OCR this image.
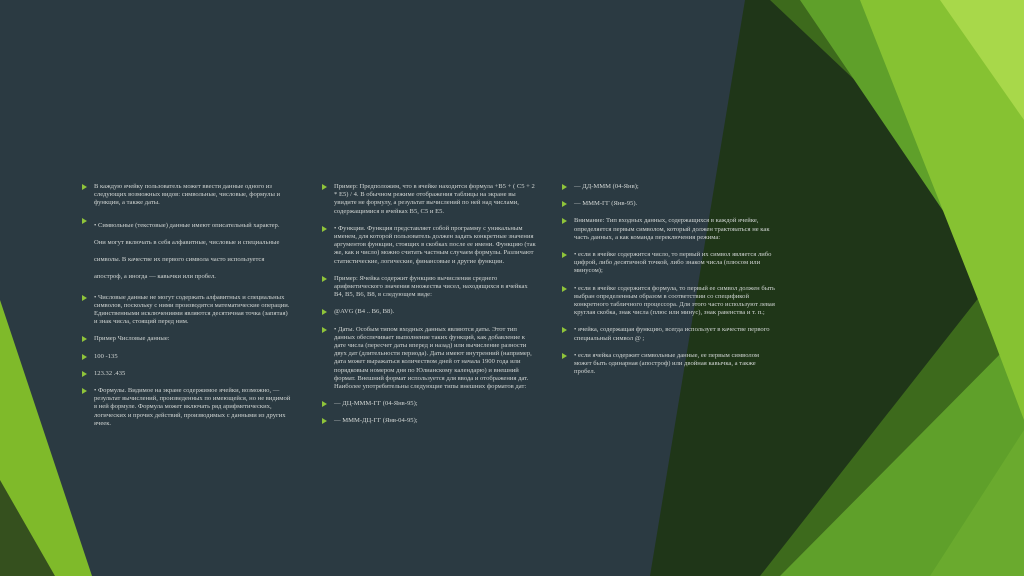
В каждую ячейку пользователь может ввести данные одного из следующих возможных видов: символьные, числовые, формулы и функции, а также даты.
• Символьные (текстовые) данные имеют описательный характер. Они могут включать в себя алфавитные, числовые и специальные символы. В качестве их первого символа часто используется апостроф, а иногда — кавычки или пробел.
• Числовые данные не могут содержать алфавитных и специальных символов, поскольку с ними производятся математические операции. Единственными исключениями являются десятичная точка (запятая) и знак числа, стоящий перед ним.
Пример Числовые данные:
100 -135
123.32 .435
• Формулы. Видимое на экране содержимое ячейки, возможно, — результат вычислений, произведенных по имеющейся, но не видимой в ней формуле. Формула может включать ряд арифметических, логических и прочих действий, производимых с данными из других ячеек.
Пример: Предположим, что в ячейке находится формула +B5 + ( C5 + 2 * E5) / 4. В обычном режиме отображения таблицы на экране вы увидите не формулу, а результат вычислений по ней над числами, содержащимися в ячейках B5, C5 и E5.
• Функции. Функция представляет собой программу с уникальным именем, для которой пользователь должен задать конкретные значения аргументов функции, стоящих в скобках после ее имени. Функцию (так же, как и число) можно считать частным случаем формулы. Различают статистические, логические, финансовые и другие функции.
Пример: Ячейка содержит функцию вычисления среднего арифметического значения множества чисел, находящихся в ячейках B4, B5, B6, B8, в следующем виде:
@AVG (B4 .. B6, B8).
• Даты. Особым типом входных данных являются даты. Этот тип данных обеспечивает выполнение таких функций, как добавление к дате числа (пересчет даты вперед и назад) или вычисление разности двух дат (длительности периода). Даты имеют внутренний (например, дата может выражаться количеством дней от начала 1900 года или порядковым номером дня по Юлианскому календарю) и внешний формат. Внешний формат используется для ввода и отображения дат. Наиболее употребительны следующие типы внешних форматов дат:
— ДЦ-МММ-ГГ (04-Янв-95);
— МММ-ДЦ-ГГ (Янв-04-95);
— ДД-МММ (04-Янв);
— МММ-ГГ (Янв-95).
Внимание: Тип входных данных, содержащихся в каждой ячейке, определяется первым символом, который должен трактоваться не как часть данных, а как команда переключения режима:
• если в ячейке содержится число, то первый их символ является либо цифрой, либо десятичной точкой, либо знаком числа (плюсом или минусом);
• если в ячейке содержится формула, то первый ее символ должен быть выбран определенным образом в соответствии со спецификой конкретного табличного процессора. Для этого часто используют левая круглая скобка, знак числа (плюс или минус), знак равенства и т. п.;
• ячейка, содержащая функцию, всегда использует в качестве первого специальный символ @ ;
• если ячейка содержит символьные данные, ее первым символом может быть одинарная (апостроф) или двойная кавычка, а также пробел.
